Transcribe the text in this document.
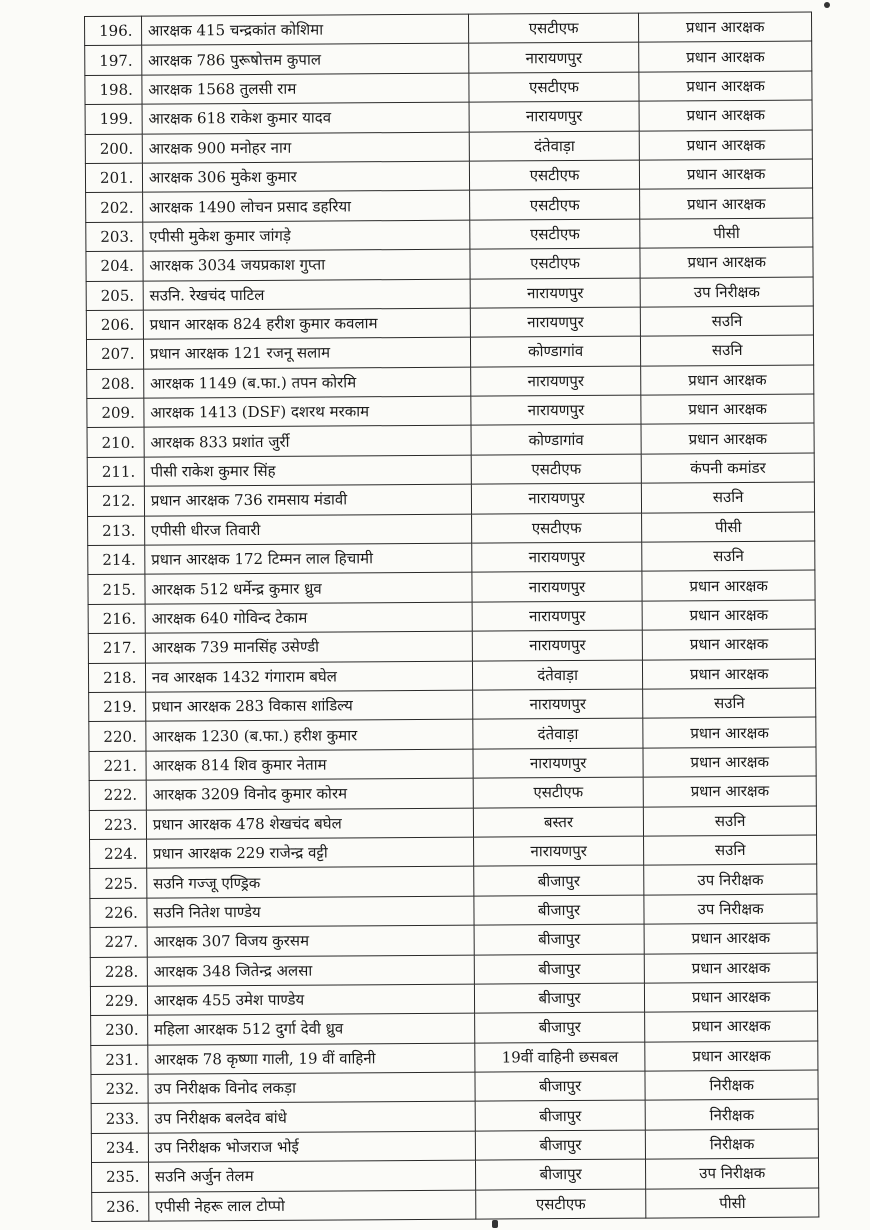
196.	आरक्षक 415 चन्द्रकांत कोशिमा	एसटीएफ	प्रधान आरक्षक
197.	आरक्षक 786 पुरूषोत्तम कुपाल	नारायणपुर	प्रधान आरक्षक
198.	आरक्षक 1568 तुलसी राम	एसटीएफ	प्रधान आरक्षक
199.	आरक्षक 618 राकेश कुमार यादव	नारायणपुर	प्रधान आरक्षक
200.	आरक्षक 900 मनोहर नाग	दंतेवाड़ा	प्रधान आरक्षक
201.	आरक्षक 306 मुकेश कुमार	एसटीएफ	प्रधान आरक्षक
202.	आरक्षक 1490 लोचन प्रसाद डहरिया	एसटीएफ	प्रधान आरक्षक
203.	एपीसी मुकेश कुमार जांगड़े	एसटीएफ	पीसी
204.	आरक्षक 3034 जयप्रकाश गुप्ता	एसटीएफ	प्रधान आरक्षक
205.	सउनि. रेखचंद पाटिल	नारायणपुर	उप निरीक्षक
206.	प्रधान आरक्षक 824 हरीश कुमार कवलाम	नारायणपुर	सउनि
207.	प्रधान आरक्षक 121 रजनू सलाम	कोण्डागांव	सउनि
208.	आरक्षक 1149 (ब.फा.) तपन कोरमि	नारायणपुर	प्रधान आरक्षक
209.	आरक्षक 1413 (DSF) दशरथ मरकाम	नारायणपुर	प्रधान आरक्षक
210.	आरक्षक 833 प्रशांत जुर्री	कोण्डागांव	प्रधान आरक्षक
211.	पीसी राकेश कुमार सिंह	एसटीएफ	कंपनी कमांडर
212.	प्रधान आरक्षक 736 रामसाय मंडावी	नारायणपुर	सउनि
213.	एपीसी धीरज तिवारी	एसटीएफ	पीसी
214.	प्रधान आरक्षक 172 टिम्मन लाल हिचामी	नारायणपुर	सउनि
215.	आरक्षक 512 धर्मेन्द्र कुमार ध्रुव	नारायणपुर	प्रधान आरक्षक
216.	आरक्षक 640 गोविन्द टेकाम	नारायणपुर	प्रधान आरक्षक
217.	आरक्षक 739 मानसिंह उसेण्डी	नारायणपुर	प्रधान आरक्षक
218.	नव आरक्षक 1432 गंगाराम बघेल	दंतेवाड़ा	प्रधान आरक्षक
219.	प्रधान आरक्षक 283 विकास शांडिल्य	नारायणपुर	सउनि
220.	आरक्षक 1230 (ब.फा.) हरीश कुमार	दंतेवाड़ा	प्रधान आरक्षक
221.	आरक्षक 814 शिव कुमार नेताम	नारायणपुर	प्रधान आरक्षक
222.	आरक्षक 3209 विनोद कुमार कोरम	एसटीएफ	प्रधान आरक्षक
223.	प्रधान आरक्षक 478 शेखचंद बघेल	बस्तर	सउनि
224.	प्रधान आरक्षक 229 राजेन्द्र वट्टी	नारायणपुर	सउनि
225.	सउनि गज्जू एण्ड्रिक	बीजापुर	उप निरीक्षक
226.	सउनि नितेश पाण्डेय	बीजापुर	उप निरीक्षक
227.	आरक्षक 307 विजय कुरसम	बीजापुर	प्रधान आरक्षक
228.	आरक्षक 348 जितेन्द्र अलसा	बीजापुर	प्रधान आरक्षक
229.	आरक्षक 455 उमेश पाण्डेय	बीजापुर	प्रधान आरक्षक
230.	महिला आरक्षक 512 दुर्गा देवी ध्रुव	बीजापुर	प्रधान आरक्षक
231.	आरक्षक 78 कृष्णा गाली, 19 वीं वाहिनी	19वीं वाहिनी छसबल	प्रधान आरक्षक
232.	उप निरीक्षक विनोद लकड़ा	बीजापुर	निरीक्षक
233.	उप निरीक्षक बलदेव बांधे	बीजापुर	निरीक्षक
234.	उप निरीक्षक भोजराज भोई	बीजापुर	निरीक्षक
235.	सउनि अर्जुन तेलम	बीजापुर	उप निरीक्षक
236.	एपीसी नेहरू लाल टोप्पो	एसटीएफ	पीसी
